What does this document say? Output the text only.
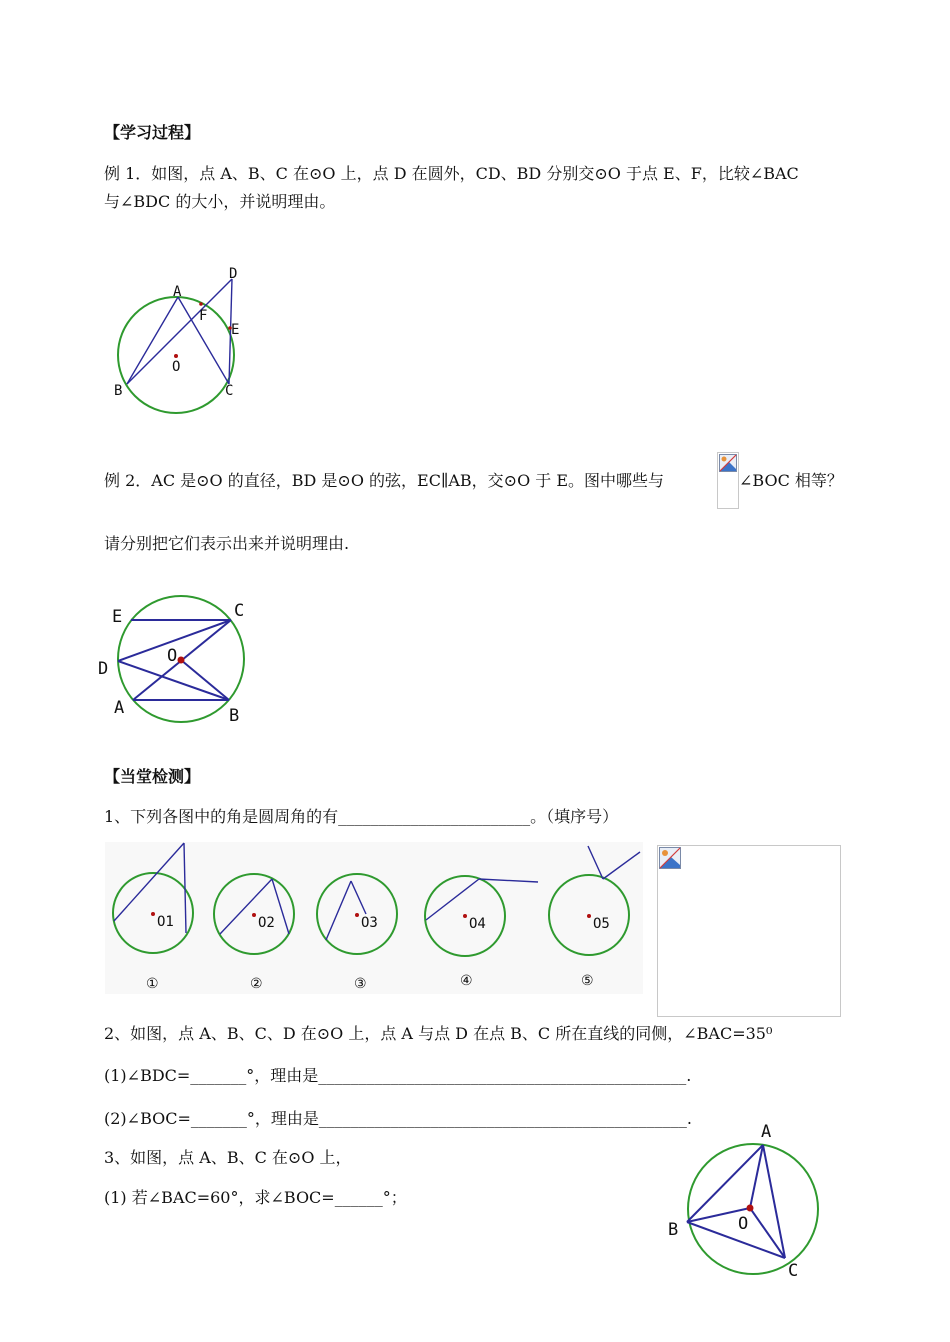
【学习过程】
例 1．如图，点 A、B、C 在⊙O 上，点 D 在圆外，CD、BD 分别交⊙O 于点 E、F，比较∠BAC
与∠BDC 的大小，并说明理由。
A
B	C
D
E
F
O
例 2．AC 是⊙O 的直径，BD 是⊙O 的弦，EC∥AB，交⊙O 于 E。图中哪些与	∠BOC 相等？
请分别把它们表示出来并说明理由.
E	C
D
O
A	B
【当堂检测】
1、下列各图中的角是圆周角的有________________________。（填序号）
O1
①
O2
②
O3
③
O4
④
O5
⑤
2、如图，点 A、B、C、D 在⊙O 上，点 A 与点 D 在点 B、C 所在直线的同侧，∠BAC=35⁰
(1)∠BDC=_______°，理由是______________________________________________.
(2)∠BOC=_______°，理由是______________________________________________.
3、如图，点 A、B、C 在⊙O 上，
(1) 若∠BAC=60°，求∠BOC=______°；
A
B	O
C
